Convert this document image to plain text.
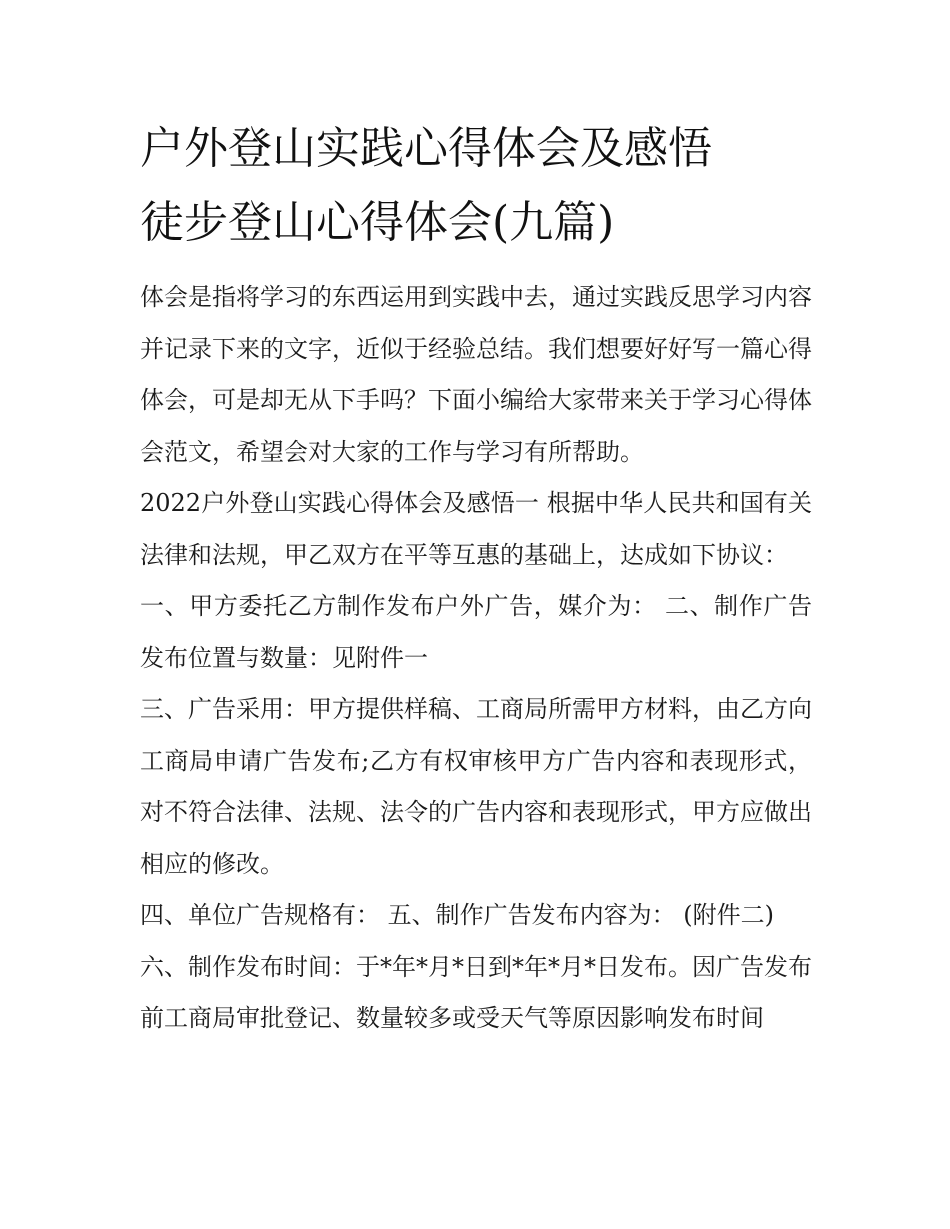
户外登山实践心得体会及感悟
徒步登山心得体会(九篇)

体会是指将学习的东西运用到实践中去，通过实践反思学习内容并记录下来的文字，近似于经验总结。我们想要好好写一篇心得体会，可是却无从下手吗？下面小编给大家带来关于学习心得体会范文，希望会对大家的工作与学习有所帮助。

2022户外登山实践心得体会及感悟一 根据中华人民共和国有关法律和法规，甲乙双方在平等互惠的基础上，达成如下协议：

一、甲方委托乙方制作发布户外广告，媒介为： 二、制作广告发布位置与数量：见附件一

三、广告采用：甲方提供样稿、工商局所需甲方材料，由乙方向工商局申请广告发布;乙方有权审核甲方广告内容和表现形式，对不符合法律、法规、法令的广告内容和表现形式，甲方应做出相应的修改。

四、单位广告规格有： 五、制作广告发布内容为： (附件二)

六、制作发布时间：于*年*月*日到*年*月*日发布。因广告发布前工商局审批登记、数量较多或受天气等原因影响发布时间
